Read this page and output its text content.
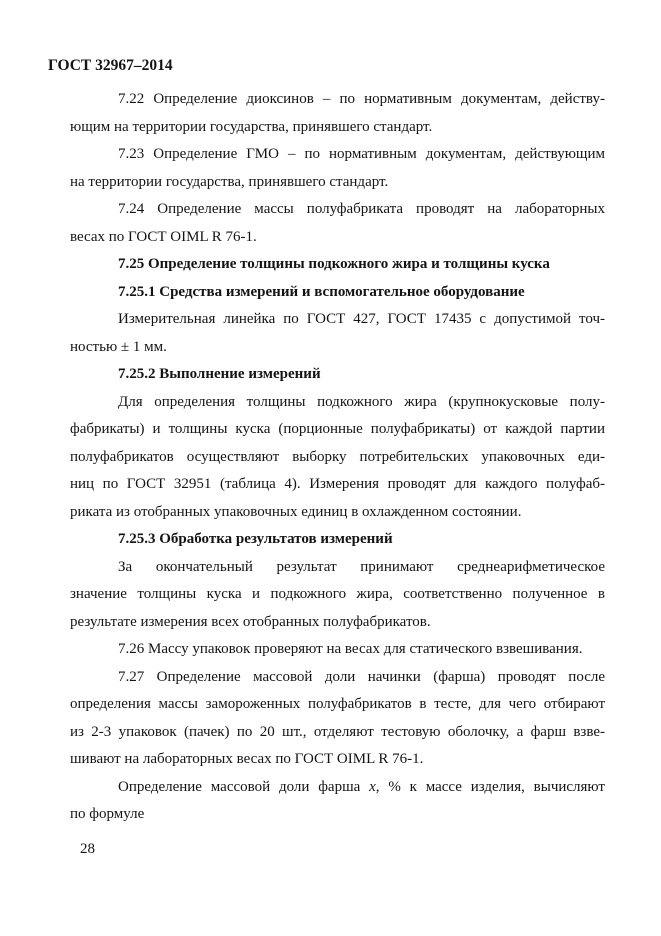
ГОСТ 32967–2014
7.22 Определение диоксинов – по нормативным документам, действу-
ющим на территории государства, принявшего стандарт.
7.23 Определение ГМО – по нормативным документам, действующим
на территории государства, принявшего стандарт.
7.24 Определение массы полуфабриката проводят на лабораторных
весах по ГОСТ OIML R 76-1.
7.25 Определение толщины подкожного жира и толщины куска
7.25.1 Средства измерений и вспомогательное оборудование
Измерительная линейка по ГОСТ 427, ГОСТ 17435 с допустимой точ-
ностью ± 1 мм.
7.25.2 Выполнение измерений
Для определения толщины подкожного жира (крупнокусковые полу-
фабрикаты) и толщины куска (порционные полуфабрикаты) от каждой партии
полуфабрикатов осуществляют выборку потребительских упаковочных еди-
ниц по ГОСТ 32951 (таблица 4). Измерения проводят для каждого полуфаб-
риката из отобранных упаковочных единиц в охлажденном состоянии.
7.25.3 Обработка результатов измерений
За окончательный результат принимают среднеарифметическое
значение толщины куска и подкожного жира, соответственно полученное в
результате измерения всех отобранных полуфабрикатов.
7.26 Массу упаковок проверяют на весах для статического взвешивания.
7.27 Определение массовой доли начинки (фарша) проводят после
определения массы замороженных полуфабрикатов в тесте, для чего отбирают
из 2-3 упаковок (пачек) по 20 шт., отделяют тестовую оболочку, а фарш взве-
шивают на лабораторных весах по ГОСТ OIML R 76-1.
Определение массовой доли фарша x, % к массе изделия, вычисляют
по формуле
28
